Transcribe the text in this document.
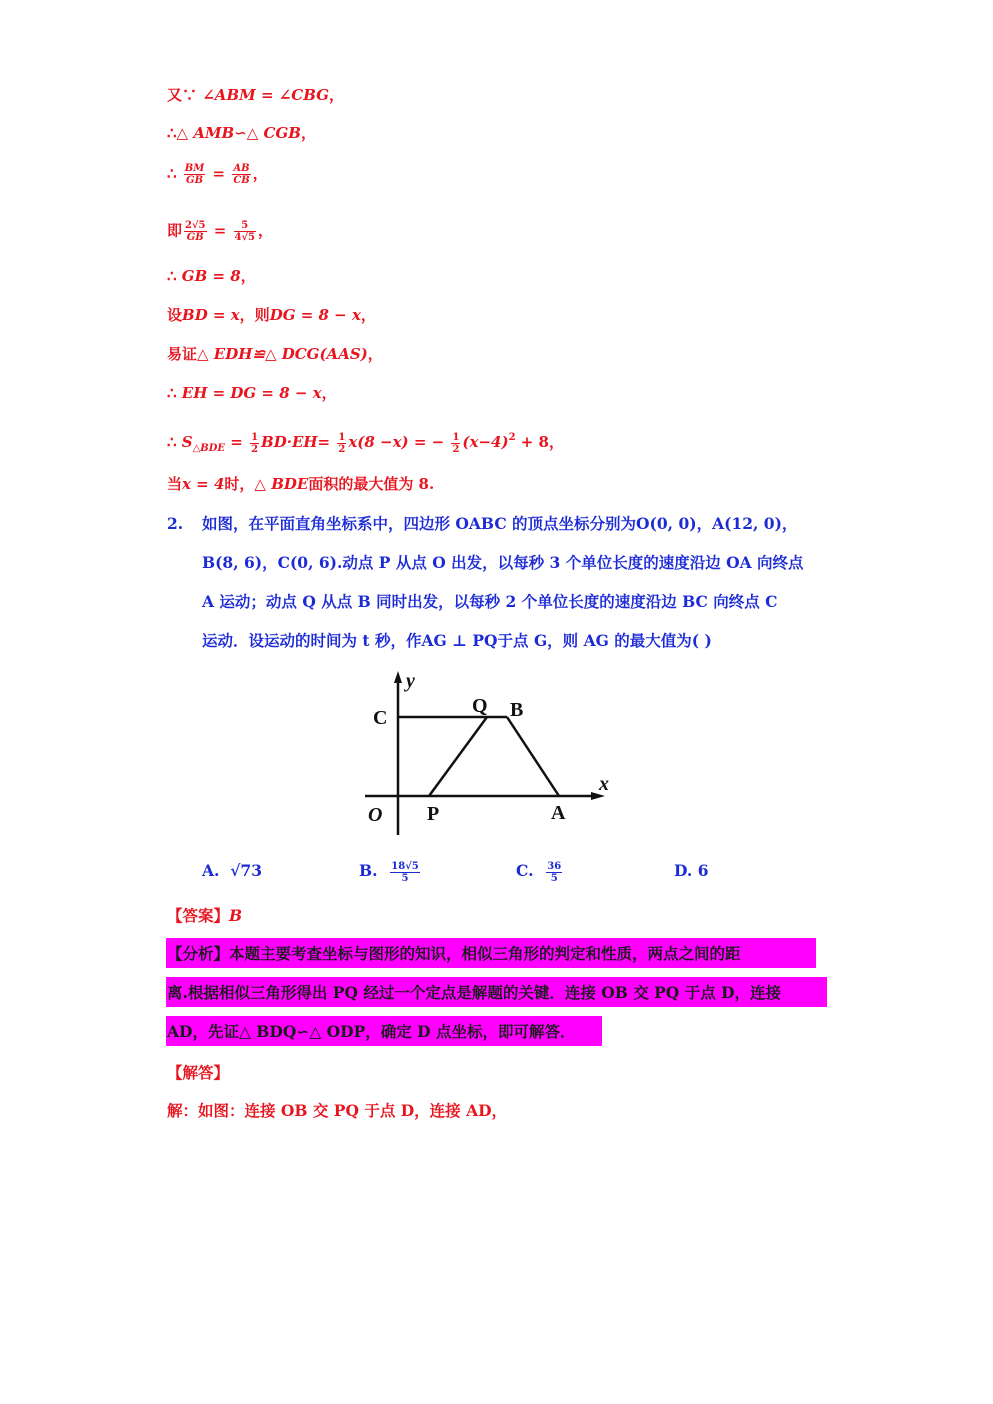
又∵ ∠ABM = ∠CBG，
∴△ AMB∽△ CGB，
∴ $\frac{BM}{GB} = \frac{AB}{CB}$ ，
即 $\frac{2√5}{GB} = \frac{5}{4√5}$ ，
∴ GB = 8，
设BD = x，则DG = 8 − x，
易证△ EDH≌△ DCG(AAS)，
∴ EH = DG = 8 − x，
∴ $S_{\triangle BDE} = \frac{1}{2} BD\cdot EH= \frac{1}{2} x(8 -x)$ = − $\frac{1}{2} (x-4)^2 + 8$，
当x = 4时，△ BDE面积的最大值为 8.
2. 如图，在平面直角坐标系中，四边形 OABC 的顶点坐标分别为O(0, 0)，A(12, 0)，
B(8, 6)，C(0, 6).动点 P 从点 O 出发，以每秒 3 个单位长度的速度沿边 OA 向终点
A 运动；动点 Q 从点 B 同时出发，以每秒 2 个单位长度的速度沿边 BC 向终点 C
运动．设运动的时间为 t 秒，作AG ⊥ PQ于点 G，则 AG 的最大值为( )
y
x
C
Q B
O P	A
A. √73	B. $\frac{18√5}{5}$	C. $\frac{36}{5}$	D. 6
【答案】B
【分析】本题主要考查坐标与图形的知识，相似三角形的判定和性质，两点之间的距
离.根据相似三角形得出 PQ 经过一个定点是解题的关键．连接 OB 交 PQ 于点 D，连接
AD，先证△ BDQ∽△ ODP，确定 D 点坐标，即可解答．
【解答】
解：如图：连接 OB 交 PQ 于点 D，连接 AD，
